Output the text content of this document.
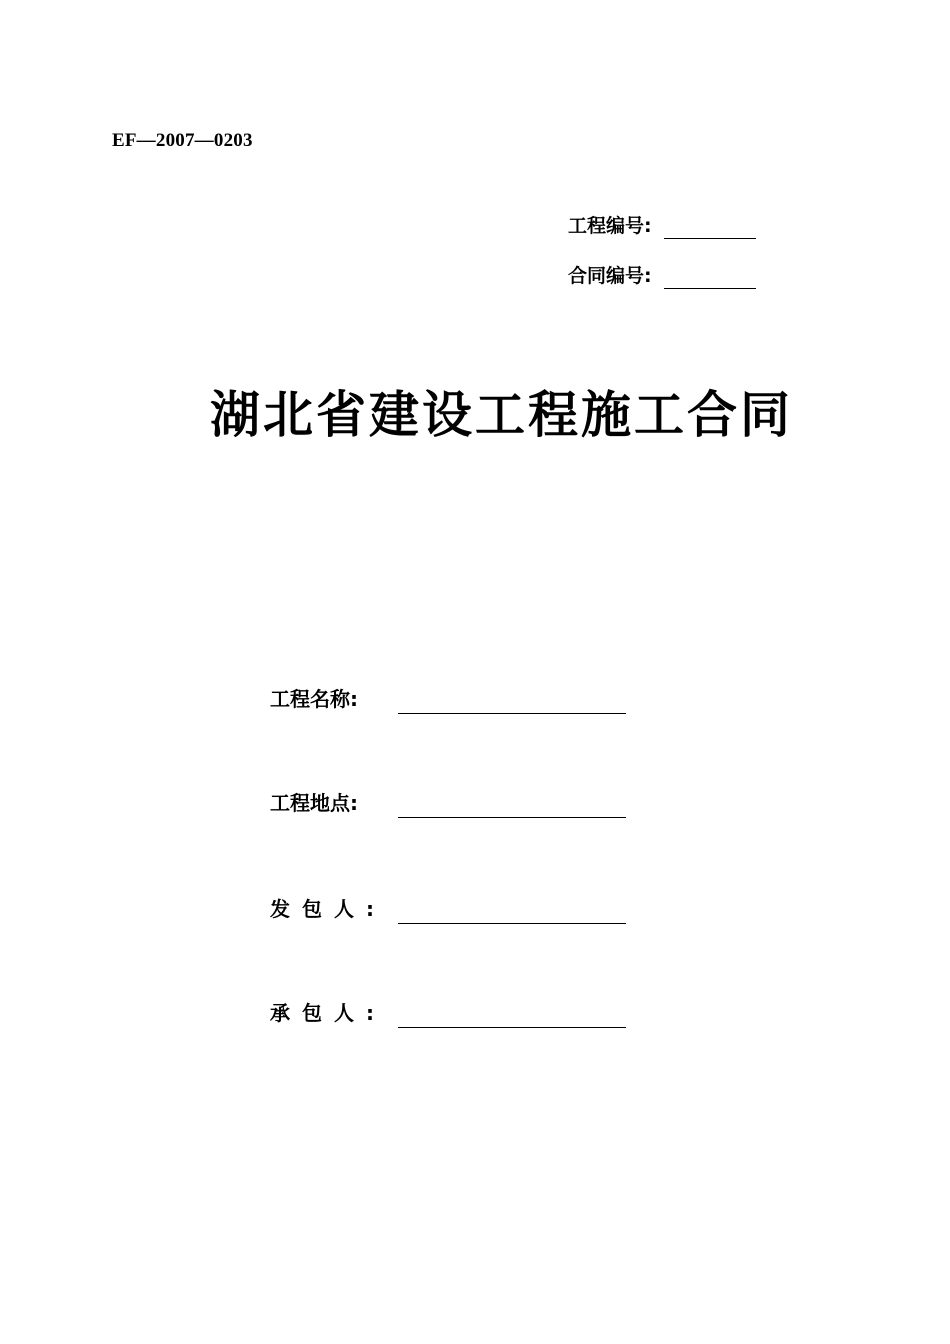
EF—2007—0203
工程编号:
合同编号:
湖北省建设工程施工合同
工程名称:
工程地点:
发包人:
承包人:
